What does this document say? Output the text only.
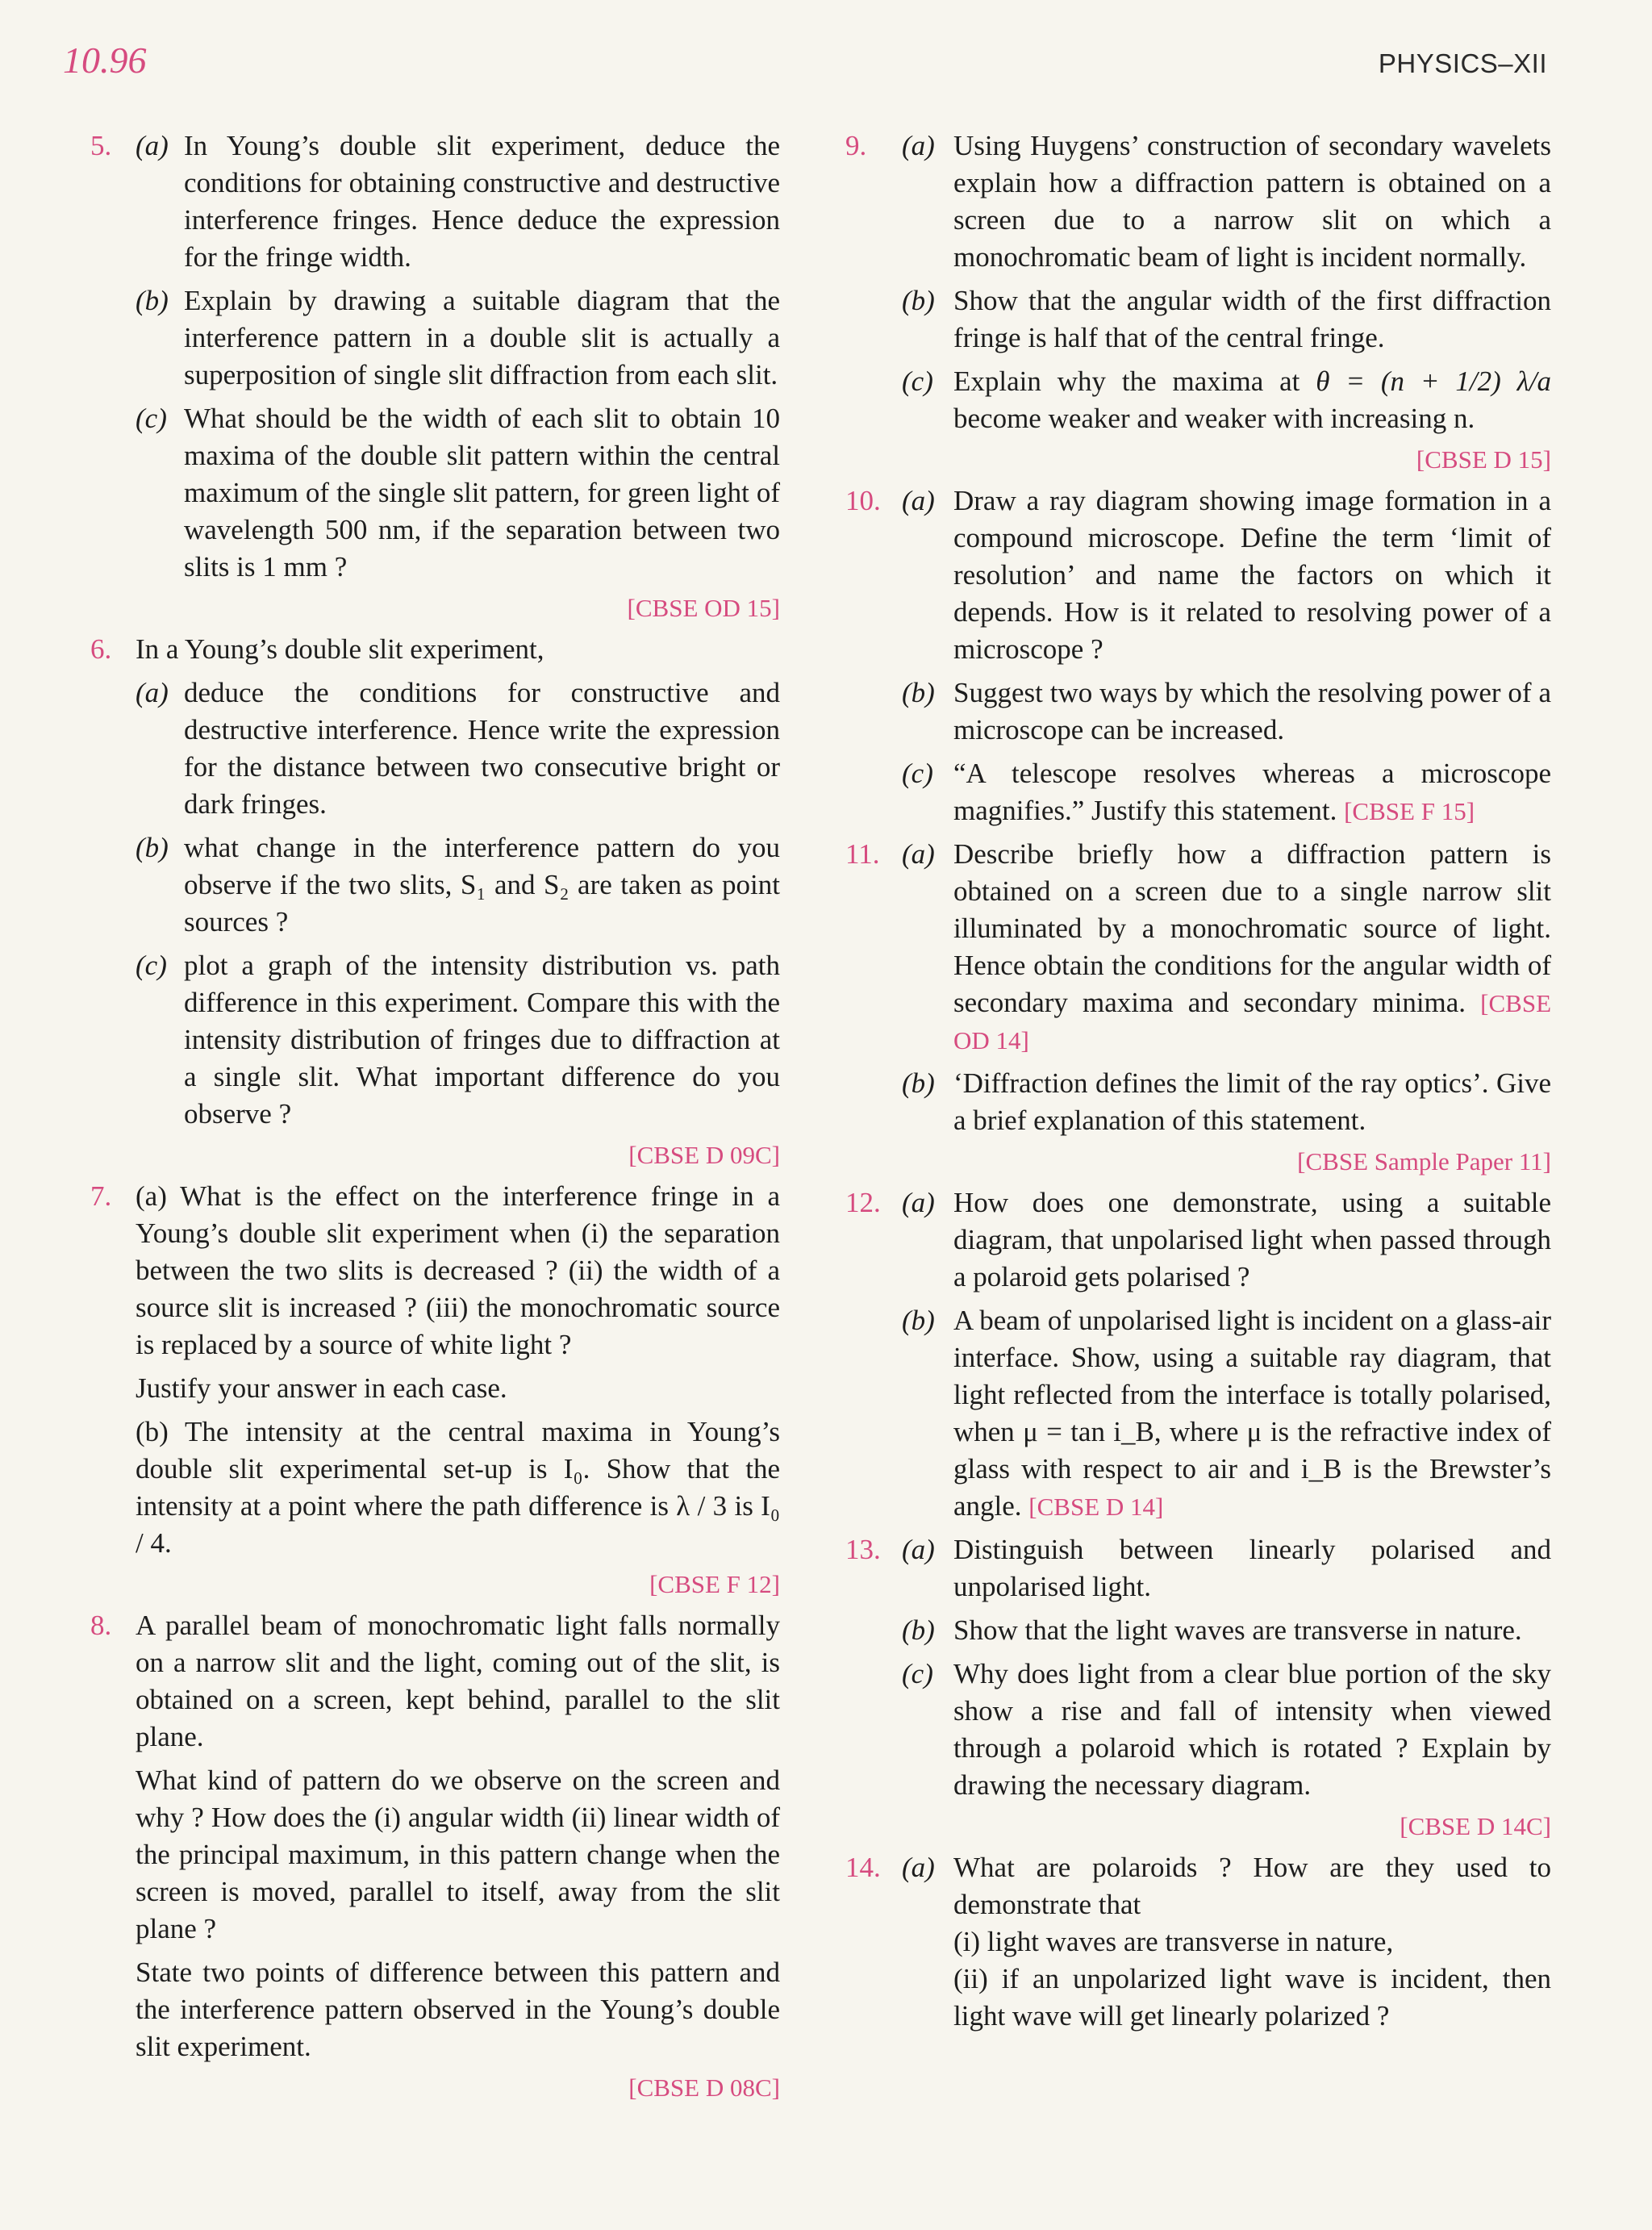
10.96	PHYSICS–XII
5. (a) In Young’s double slit experiment, deduce the conditions for obtaining constructive and destructive interference fringes. Hence deduce the expression for the fringe width.
(b) Explain by drawing a suitable diagram that the interference pattern in a double slit is actually a superposition of single slit diffraction from each slit.
(c) What should be the width of each slit to obtain 10 maxima of the double slit pattern within the central maximum of the single slit pattern, for green light of wavelength 500 nm, if the separation between two slits is 1 mm ?
[CBSE OD 15]
6. In a Young’s double slit experiment,
(a) deduce the conditions for constructive and destructive interference. Hence write the expression for the distance between two consecutive bright or dark fringes.
(b) what change in the interference pattern do you observe if the two slits, S₁ and S₂ are taken as point sources ?
(c) plot a graph of the intensity distribution vs. path difference in this experiment. Compare this with the intensity distribution of fringes due to diffraction at a single slit. What important difference do you observe ?
[CBSE D 09C]
7. (a) What is the effect on the interference fringe in a Young’s double slit experiment when (i) the separation between the two slits is decreased ? (ii) the width of a source slit is increased ? (iii) the monochromatic source is replaced by a source of white light ?
Justify your answer in each case.
(b) The intensity at the central maxima in Young’s double slit experimental set-up is I₀. Show that the intensity at a point where the path difference is λ / 3 is I₀ / 4.
[CBSE F 12]
8. A parallel beam of monochromatic light falls normally on a narrow slit and the light, coming out of the slit, is obtained on a screen, kept behind, parallel to the slit plane.
What kind of pattern do we observe on the screen and why ? How does the (i) angular width (ii) linear width of the principal maximum, in this pattern change when the screen is moved, parallel to itself, away from the slit plane ?
State two points of difference between this pattern and the interference pattern observed in the Young’s double slit experiment.
[CBSE D 08C]
9. (a) Using Huygens’ construction of secondary wavelets explain how a diffraction pattern is obtained on a screen due to a narrow slit on which a monochromatic beam of light is incident normally.
(b) Show that the angular width of the first diffraction fringe is half that of the central fringe.
(c) Explain why the maxima at θ = (n + 1/2) λ/a become weaker and weaker with increasing n.
[CBSE D 15]
10. (a) Draw a ray diagram showing image formation in a compound microscope. Define the term ‘limit of resolution’ and name the factors on which it depends. How is it related to resolving power of a microscope ?
(b) Suggest two ways by which the resolving power of a microscope can be increased.
(c) “A telescope resolves whereas a microscope magnifies.” Justify this statement. [CBSE F 15]
11. (a) Describe briefly how a diffraction pattern is obtained on a screen due to a single narrow slit illuminated by a monochromatic source of light. Hence obtain the conditions for the angular width of secondary maxima and secondary minima. [CBSE OD 14]
(b) ‘Diffraction defines the limit of the ray optics’. Give a brief explanation of this statement.
[CBSE Sample Paper 11]
12. (a) How does one demonstrate, using a suitable diagram, that unpolarised light when passed through a polaroid gets polarised ?
(b) A beam of unpolarised light is incident on a glass-air interface. Show, using a suitable ray diagram, that light reflected from the interface is totally polarised, when μ = tan i_B, where μ is the refractive index of glass with respect to air and i_B is the Brewster’s angle. [CBSE D 14]
13. (a) Distinguish between linearly polarised and unpolarised light.
(b) Show that the light waves are transverse in nature.
(c) Why does light from a clear blue portion of the sky show a rise and fall of intensity when viewed through a polaroid which is rotated ? Explain by drawing the necessary diagram.
[CBSE D 14C]
14. (a) What are polaroids ? How are they used to demonstrate that
(i) light waves are transverse in nature,
(ii) if an unpolarized light wave is incident, then light wave will get linearly polarized ?
